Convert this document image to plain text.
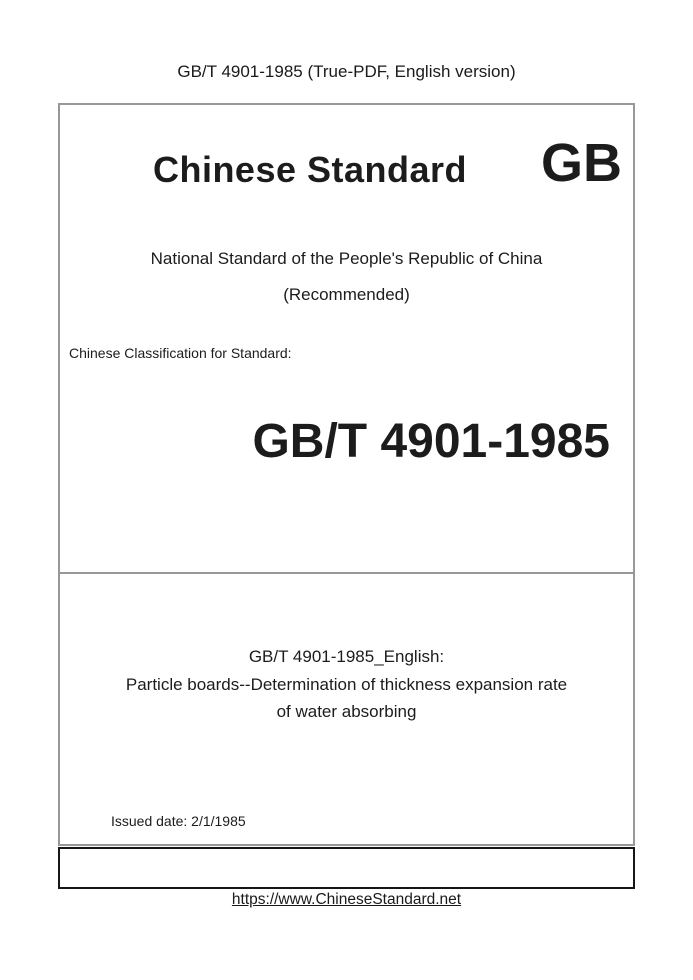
GB/T 4901-1985 (True-PDF, English version)
Chinese Standard	GB
National Standard of the People's Republic of China
(Recommended)
Chinese Classification for Standard:
GB/T 4901-1985
GB/T 4901-1985_English:
Particle boards--Determination of thickness expansion rate
of water absorbing
Issued date: 2/1/1985
https://www.ChineseStandard.net
